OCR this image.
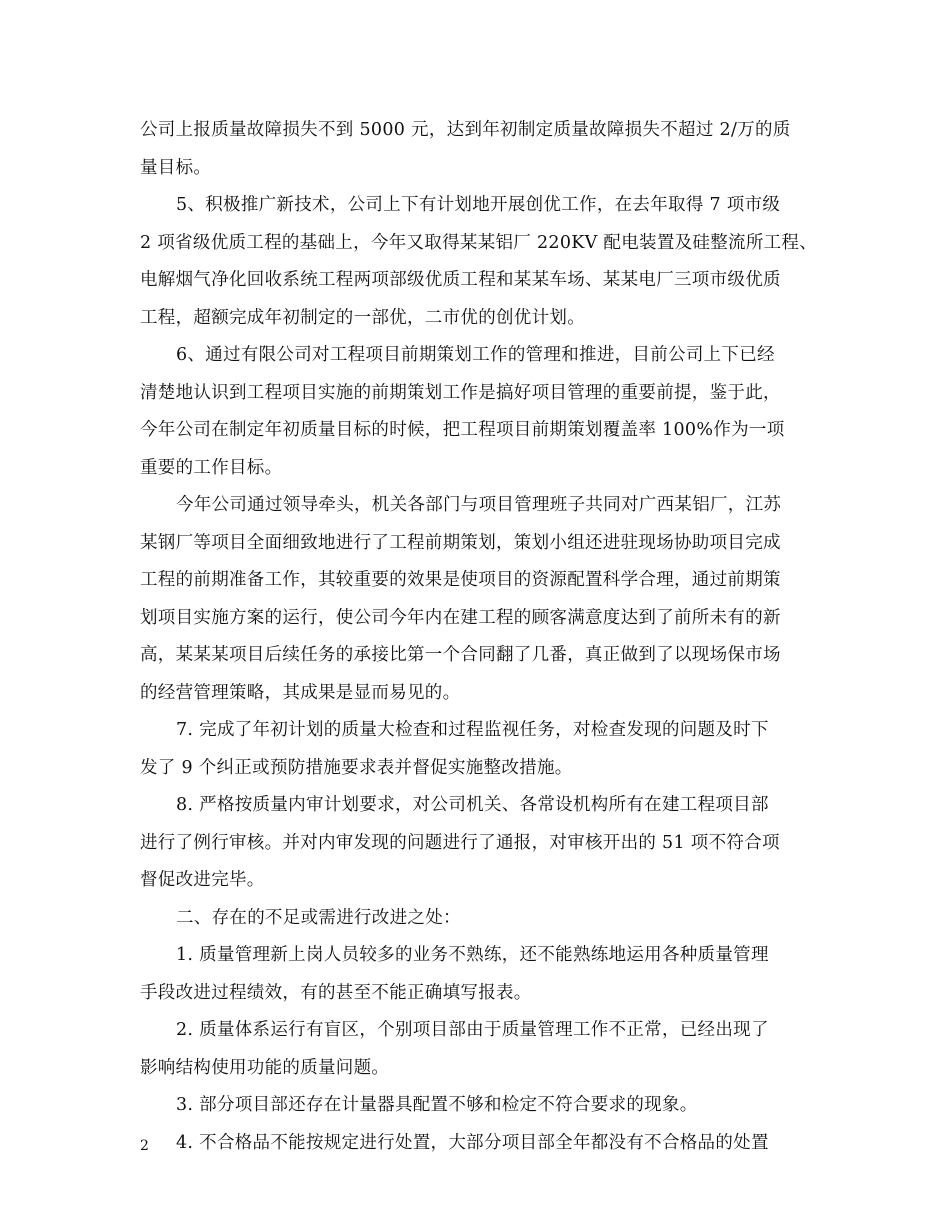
公司上报质量故障损失不到 5000 元，达到年初制定质量故障损失不超过 2/万的质
量目标。
5、积极推广新技术，公司上下有计划地开展创优工作，在去年取得 7 项市级
2 项省级优质工程的基础上，今年又取得某某铝厂 220KV 配电装置及硅整流所工程、
电解烟气净化回收系统工程两项部级优质工程和某某车场、某某电厂三项市级优质
工程，超额完成年初制定的一部优，二市优的创优计划。
6、通过有限公司对工程项目前期策划工作的管理和推进，目前公司上下已经
清楚地认识到工程项目实施的前期策划工作是搞好项目管理的重要前提，鉴于此，
今年公司在制定年初质量目标的时候，把工程项目前期策划覆盖率 100%作为一项
重要的工作目标。
今年公司通过领导牵头，机关各部门与项目管理班子共同对广西某铝厂，江苏
某钢厂等项目全面细致地进行了工程前期策划，策划小组还进驻现场协助项目完成
工程的前期准备工作，其较重要的效果是使项目的资源配置科学合理，通过前期策
划项目实施方案的运行，使公司今年内在建工程的顾客满意度达到了前所未有的新
高，某某某项目后续任务的承接比第一个合同翻了几番，真正做到了以现场保市场
的经营管理策略，其成果是显而易见的。
7. 完成了年初计划的质量大检查和过程监视任务，对检查发现的问题及时下
发了 9 个纠正或预防措施要求表并督促实施整改措施。
8. 严格按质量内审计划要求，对公司机关、各常设机构所有在建工程项目部
进行了例行审核。并对内审发现的问题进行了通报，对审核开出的 51 项不符合项
督促改进完毕。
二、存在的不足或需进行改进之处：
1. 质量管理新上岗人员较多的业务不熟练，还不能熟练地运用各种质量管理
手段改进过程绩效，有的甚至不能正确填写报表。
2. 质量体系运行有盲区，个别项目部由于质量管理工作不正常，已经出现了
影响结构使用功能的质量问题。
3. 部分项目部还存在计量器具配置不够和检定不符合要求的现象。
4. 不合格品不能按规定进行处置，大部分项目部全年都没有不合格品的处置
2
